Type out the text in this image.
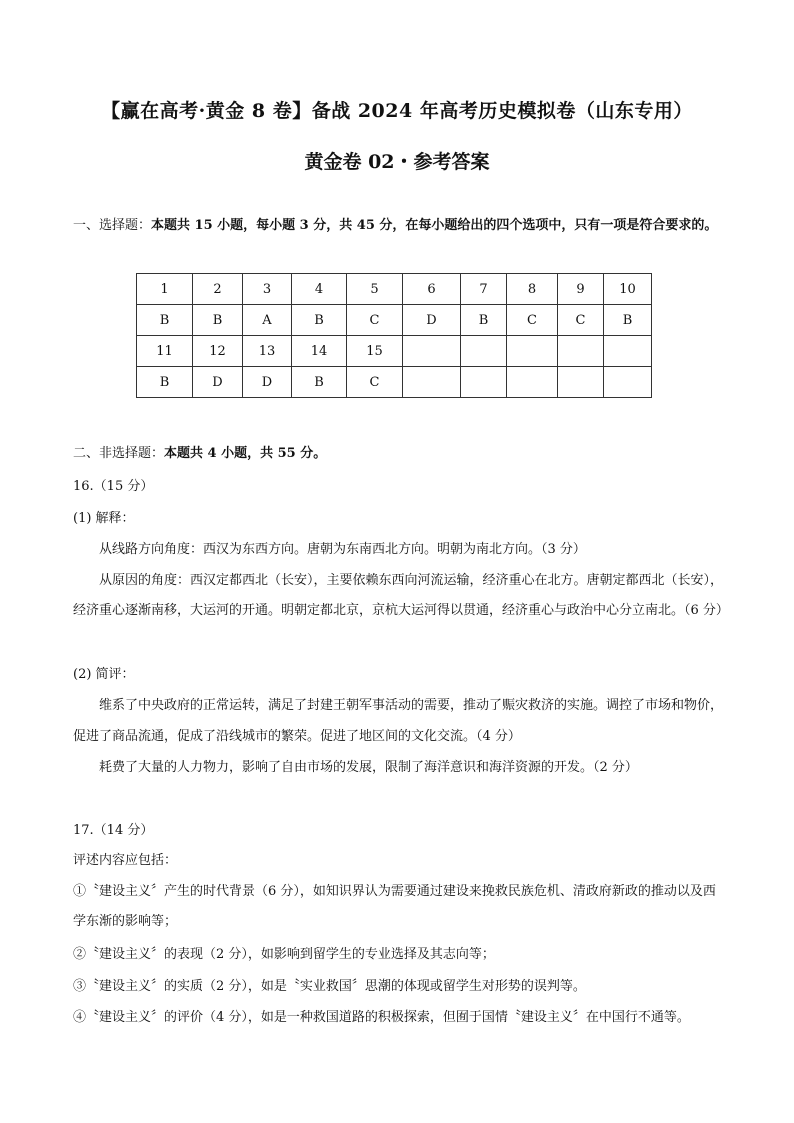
【赢在高考·黄金 8 卷】备战 2024 年高考历史模拟卷（山东专用）
黄金卷 02・参考答案
一、选择题：本题共 15 小题，每小题 3 分，共 45 分，在每小题给出的四个选项中，只有一项是符合要求的。
1	2	3	4	5	6	7	8	9	10
B	B	A	B	C	D	B	C	C	B
11	12	13	14	15					
B	D	D	B	C					
二、非选择题：本题共 4 小题，共 55 分。
16.（15 分）
(1) 解释：
从线路方向角度：西汉为东西方向。唐朝为东南西北方向。明朝为南北方向。（3 分）
从原因的角度：西汉定都西北（长安），主要依赖东西向河流运输，经济重心在北方。唐朝定都西北（长安），经济重心逐渐南移，大运河的开通。明朝定都北京，京杭大运河得以贯通，经济重心与政治中心分立南北。（6 分）
(2) 简评：
维系了中央政府的正常运转，满足了封建王朝军事活动的需要，推动了赈灾救济的实施。调控了市场和物价，促进了商品流通，促成了沿线城市的繁荣。促进了地区间的文化交流。（4 分）
耗费了大量的人力物力，影响了自由市场的发展，限制了海洋意识和海洋资源的开发。（2 分）
17.（14 分）
评述内容应包括：
①〝建设主义〞产生的时代背景（6 分），如知识界认为需要通过建设来挽救民族危机、清政府新政的推动以及西学东渐的影响等；
②〝建设主义〞的表现（2 分），如影响到留学生的专业选择及其志向等；
③〝建设主义〞的实质（2 分），如是〝实业救国〞思潮的体现或留学生对形势的误判等。
④〝建设主义〞的评价（4 分），如是一种救国道路的积极探索，但囿于国情〝建设主义〞在中国行不通等。
